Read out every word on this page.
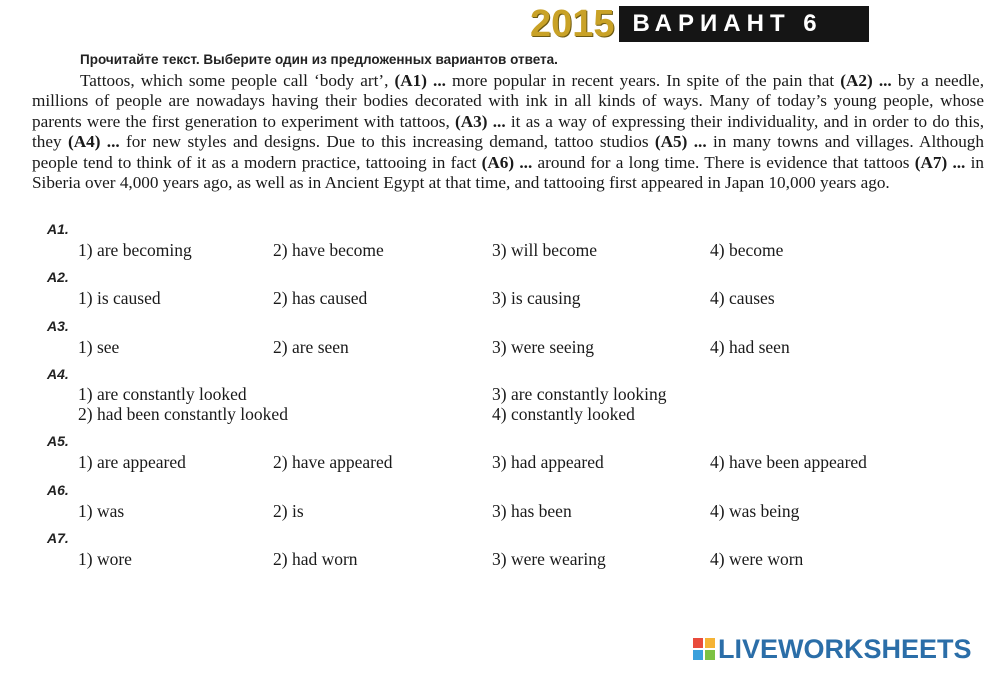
2015 ВАРИАНТ 6
Прочитайте текст. Выберите один из предложенных вариантов ответа.

Tattoos, which some people call ‘body art’, (A1) ... more popular in recent years. In spite of the pain that (A2) ... by a needle, millions of people are nowadays having their bodies decorated with ink in all kinds of ways. Many of today’s young people, whose parents were the first generation to experiment with tattoos, (A3) ... it as a way of expressing their individuality, and in order to do this, they (A4) ... for new styles and designs. Due to this increasing demand, tattoo studios (A5) ... in many towns and villages. Although people tend to think of it as a modern practice, tattooing in fact (A6) ... around for a long time. There is evidence that tattoos (A7) ... in Siberia over 4,000 years ago, as well as in Ancient Egypt at that time, and tattooing first appeared in Japan 10,000 years ago.

A1.
1) are becoming	2) have become	3) will become	4) become
A2.
1) is caused	2) has caused	3) is causing	4) causes
A3.
1) see	2) are seen	3) were seeing	4) had seen
A4.
1) are constantly looked
2) had been constantly looked
3) are constantly looking
4) constantly looked
A5.
1) are appeared	2) have appeared	3) had appeared	4) have been appeared
A6.
1) was	2) is	3) has been	4) was being
A7.
1) wore	2) had worn	3) were wearing	4) were worn
LIVEWORKSHEETS
